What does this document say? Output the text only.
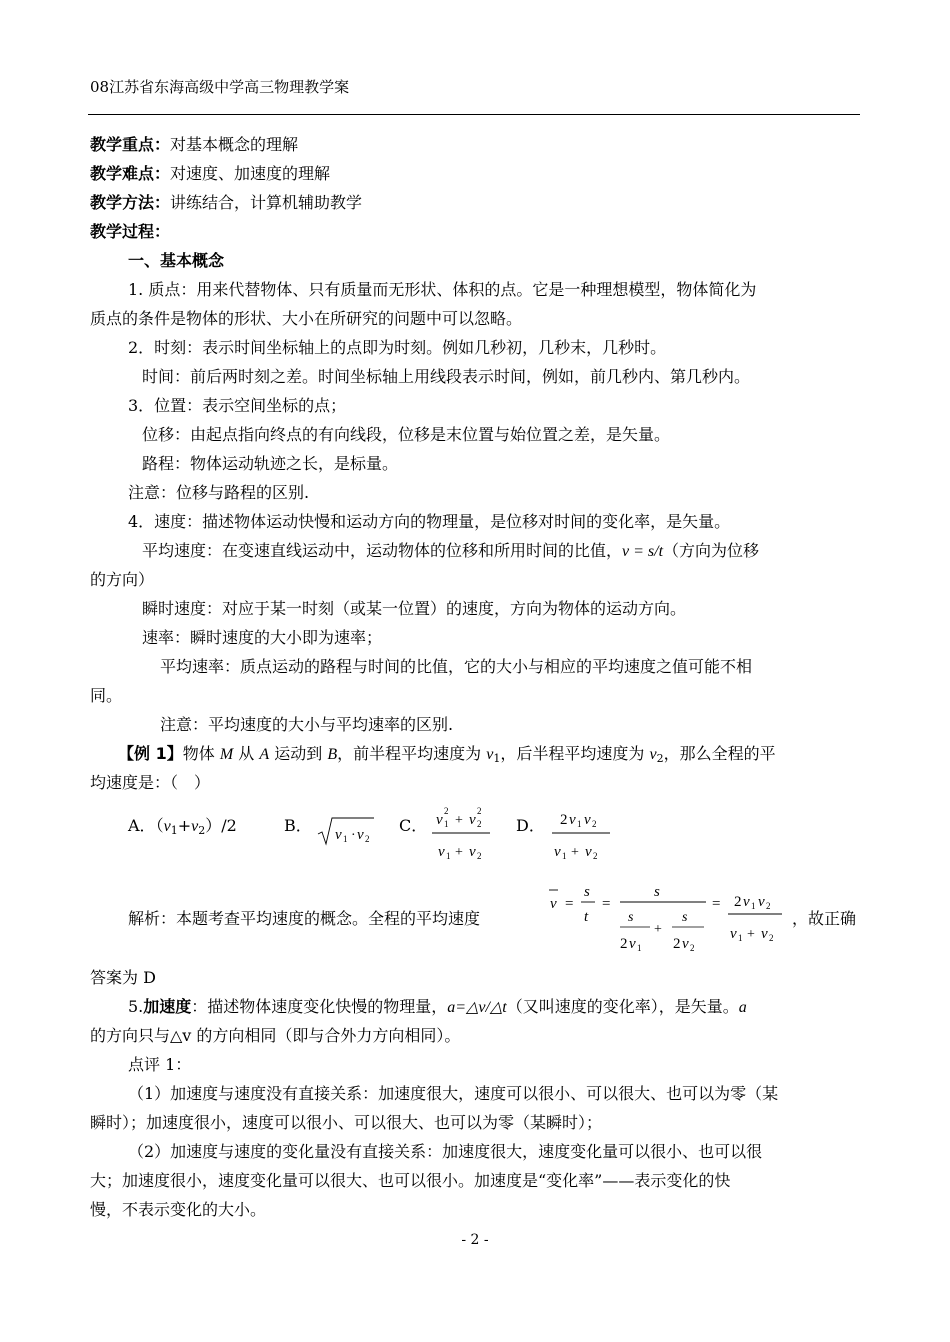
08江苏省东海高级中学高三物理教学案
教学重点：对基本概念的理解
教学难点：对速度、加速度的理解
教学方法：讲练结合，计算机辅助教学
教学过程：
一、基本概念
1. 质点：用来代替物体、只有质量而无形状、体积的点。它是一种理想模型，物体简化为
质点的条件是物体的形状、大小在所研究的问题中可以忽略。
2．时刻：表示时间坐标轴上的点即为时刻。例如几秒初，几秒末，几秒时。
时间：前后两时刻之差。时间坐标轴上用线段表示时间，例如，前几秒内、第几秒内。
3．位置：表示空间坐标的点；
位移：由起点指向终点的有向线段，位移是末位置与始位置之差，是矢量。
路程：物体运动轨迹之长，是标量。
注意：位移与路程的区别.
4．速度：描述物体运动快慢和运动方向的物理量，是位移对时间的变化率，是矢量。
平均速度：在变速直线运动中，运动物体的位移和所用时间的比值，v = s/t（方向为位移
的方向）
瞬时速度：对应于某一时刻（或某一位置）的速度，方向为物体的运动方向。
速率：瞬时速度的大小即为速率；
平均速率：质点运动的路程与时间的比值，它的大小与相应的平均速度之值可能不相
同。
注意：平均速度的大小与平均速率的区别.
【例 1】物体 M 从 A 运动到 B，前半程平均速度为 $v_1$，后半程平均速度为 $v_2$，那么全程的平
均速度是：（　）
A．$(v_1+v_2)/2$	B． v 1 · v 2
C． v 1
2
+ v 2
2
v 1 + v 2
D． 2 v 1 v 2
v 1 + v 2
解析：本题考查平均速度的概念。全程的平均速度
v =
s
t
=
s
s
2 v 1
+
s
2 v 2
= 2 v 1 v 2
v 1 + v 2
，故正确
答案为 D
5.加速度：描述物体速度变化快慢的物理量，a=△v/△t（又叫速度的变化率），是矢量。a
的方向只与△v 的方向相同（即与合外力方向相同）。
点评 1：
（1）加速度与速度没有直接关系：加速度很大，速度可以很小、可以很大、也可以为零（某
瞬时）；加速度很小，速度可以很小、可以很大、也可以为零（某瞬时）；
（2）加速度与速度的变化量没有直接关系：加速度很大，速度变化量可以很小、也可以很
大；加速度很小，速度变化量可以很大、也可以很小。加速度是“变化率”——表示变化的快
慢，不表示变化的大小。
- 2 -
